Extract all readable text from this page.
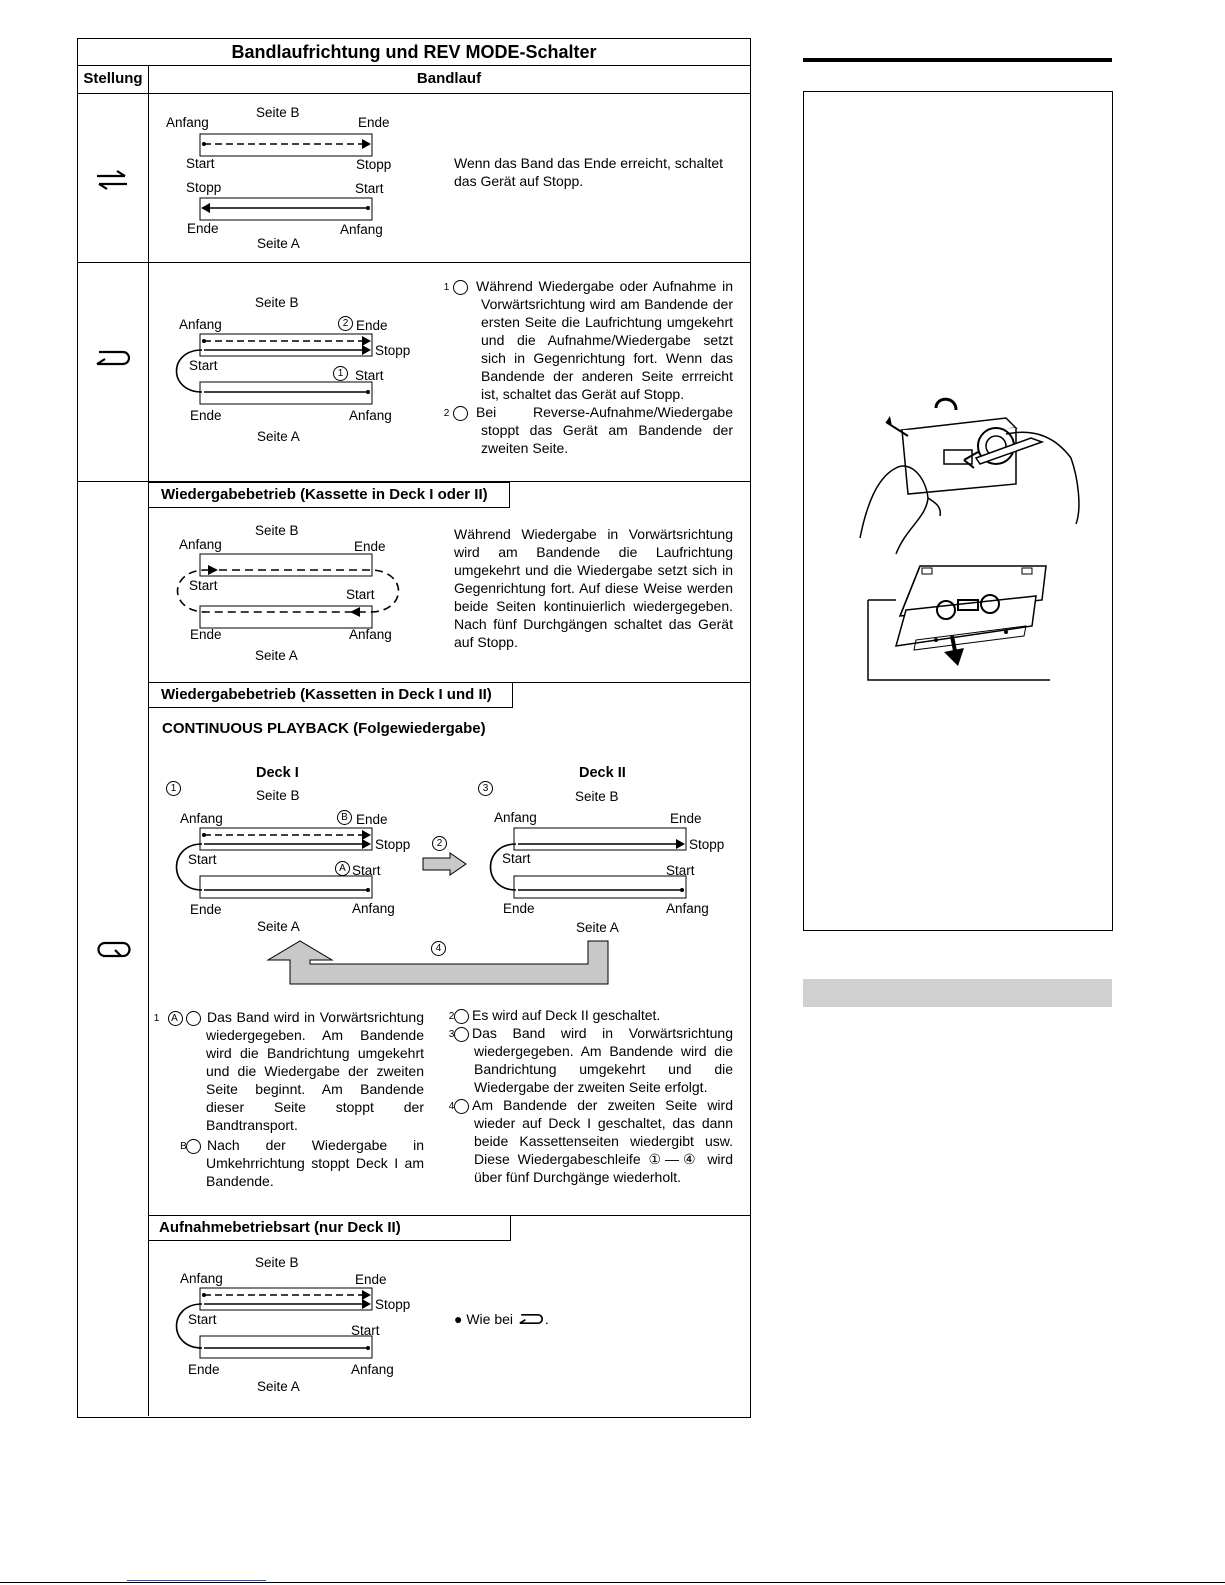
Bandlaufrichtung und REV MODE-Schalter
Stellung	Bandlauf
Seite B
Anfang	Ende
Start	Stopp
Stopp	Start
Ende	Anfang
Seite A
Wenn das Band das Ende erreicht, schaltet das Gerät auf Stopp.
Seite B
Anfang	2 Ende
Stopp
Start
1 Start
Ende	Anfang
Seite A

1 Während Wiedergabe oder Aufnahme in Vorwärtsrichtung wird am Bandende der ersten Seite die Laufrichtung umgekehrt und die Aufnahme/Wiedergabe setzt sich in Gegenrichtung fort. Wenn das Bandende der anderen Seite errreicht ist, schaltet das Gerät auf Stopp.

2 Bei Reverse-Aufnahme/Wiedergabe stoppt das Gerät am Bandende der zweiten Seite.

Wiedergabebetrieb (Kassette in Deck I oder II)
Seite B
Anfang	Ende
Start
Start
Ende	Anfang
Seite A
Während Wiedergabe in Vorwärtsrichtung wird am Bandende die Laufrichtung umgekehrt und die Wiedergabe setzt sich in Gegenrichtung fort. Auf diese Weise werden beide Seiten kontinuierlich wiedergegeben. Nach fünf Durchgängen schaltet das Gerät auf Stopp.
Wiedergabebetrieb (Kassetten in Deck I und II)
CONTINUOUS PLAYBACK (Folgewiedergabe)
1
Deck I
Seite B
Anfang	B Ende
Stopp
Start
A Start
Ende	Anfang
Seite A
2
3
Deck II
Seite B
Anfang	Ende
Stopp
Start
Start
Ende	Anfang
Seite A
4

1 A Das Band wird in Vorwärtsrichtung wiedergegeben. Am Bandende wird die Bandrichtung umgekehrt und die Wiedergabe der zweiten Seite beginnt. Am Bandende dieser Seite stoppt der Bandtransport.

B Nach der Wiedergabe in Umkehrrichtung stoppt Deck I am Bandende.

2 Es wird auf Deck II geschaltet.

3 Das Band wird in Vorwärtsrichtung wiedergegeben. Am Bandende wird die Bandrichtung umgekehrt und die Wiedergabe der zweiten Seite erfolgt.

4 Am Bandende der zweiten Seite wird wieder auf Deck I geschaltet, das dann beide Kassettenseiten wiedergibt usw. Diese Wiedergabeschleife ①—④ wird über fünf Durchgänge wiederholt.

Aufnahmebetriebsart (nur Deck II)
Seite B
Anfang	Ende
Stopp
Start
Start
Ende	Anfang
Seite A
● Wie bei .
